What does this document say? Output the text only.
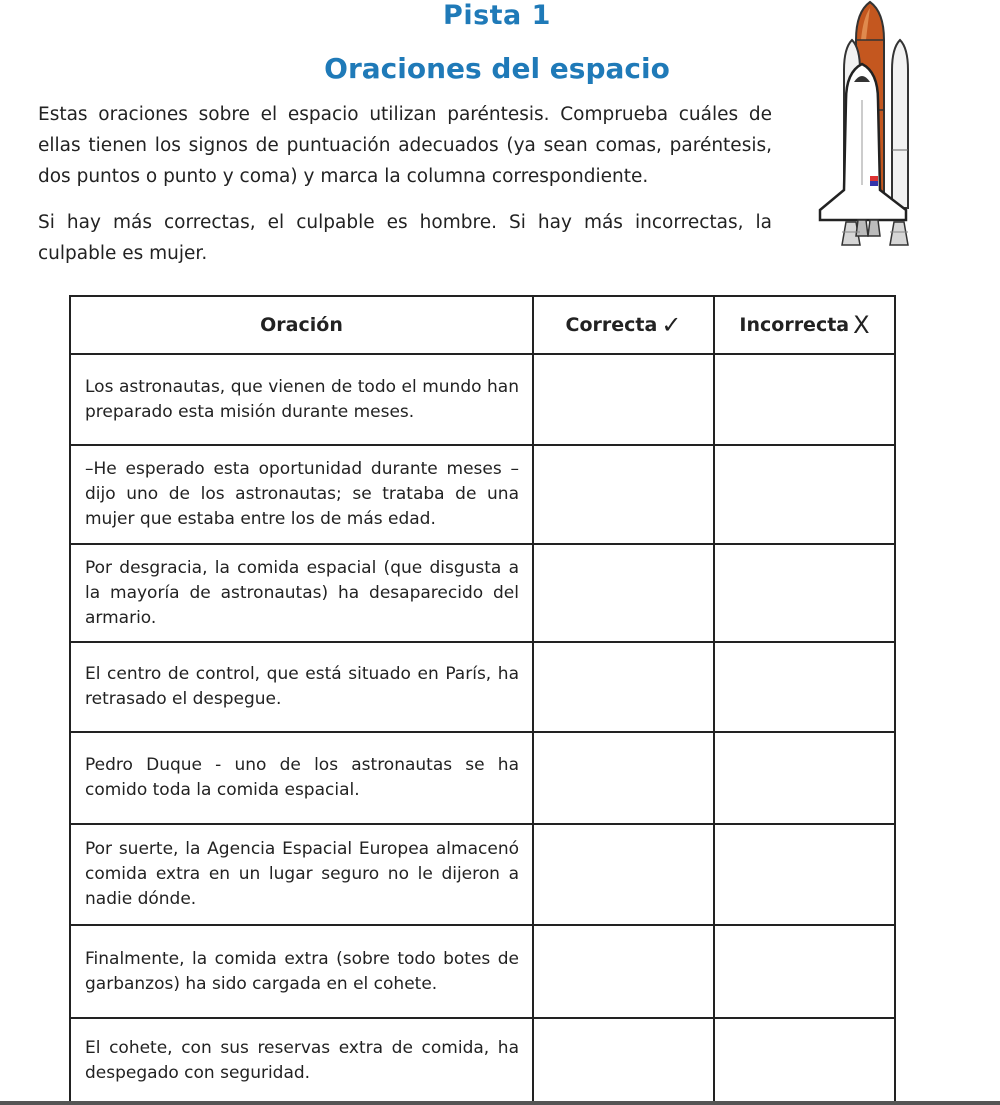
Pista 1
Oraciones del espacio

Estas oraciones sobre el espacio utilizan paréntesis. Comprueba cuáles de ellas tienen los signos de puntuación adecuados (ya sean comas, paréntesis, dos puntos o punto y coma) y marca la columna correspondiente.

Si hay más correctas, el culpable es hombre. Si hay más incorrectas, la culpable es mujer.

Oración	Correcta ✓	Incorrecta X
Los astronautas, que vienen de todo el mundo han preparado esta misión durante meses.		
–He esperado esta oportunidad durante meses –dijo uno de los astronautas; se trataba de una mujer que estaba entre los de más edad.		
Por desgracia, la comida espacial (que disgusta a la mayoría de astronautas) ha desaparecido del armario.		
El centro de control, que está situado en París, ha retrasado el despegue.		
Pedro Duque - uno de los astronautas se ha comido toda la comida espacial.		
Por suerte, la Agencia Espacial Europea almacenó comida extra en un lugar seguro no le dijeron a nadie dónde.		
Finalmente, la comida extra (sobre todo botes de garbanzos) ha sido cargada en el cohete.		
El cohete, con sus reservas extra de comida, ha despegado con seguridad.		
